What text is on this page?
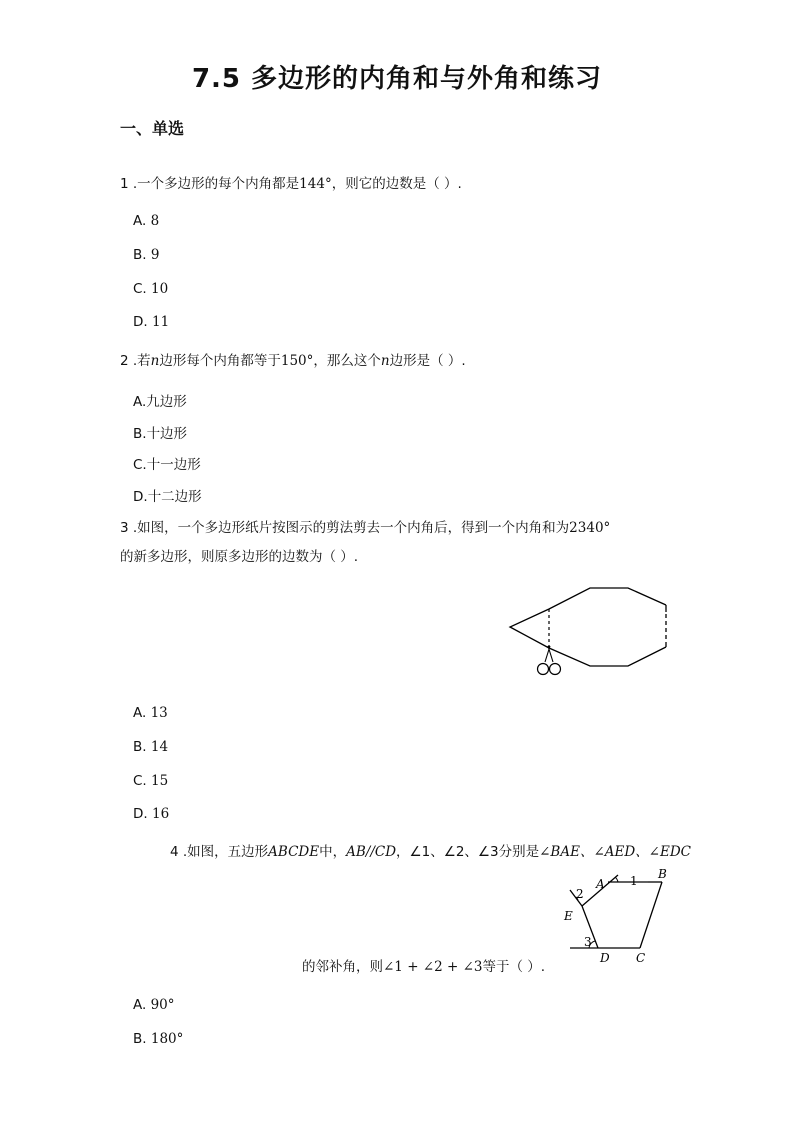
7.5 多边形的内角和与外角和练习
一、单选
1 .一个多边形的每个内角都是144°，则它的边数是（ ）.
A. 8
B. 9
C. 10
D. 11
2 .若n边形每个内角都等于150°，那么这个n边形是（ ）.
A.九边形
B.十边形
C.十一边形
D.十二边形
3 .如图，一个多边形纸片按图示的剪法剪去一个内角后，得到一个内角和为2340°
的新多边形，则原多边形的边数为（ ）.
A. 13
B. 14
C. 15
D. 16
4 .如图，五边形ABCDE中，AB//CD，∠1、∠2、∠3分别是∠BAE、∠AED、∠EDC
A
B
C
D
E
1
2
3
的邻补角，则∠1 + ∠2 + ∠3等于（ ）.
A. 90°
B. 180°
